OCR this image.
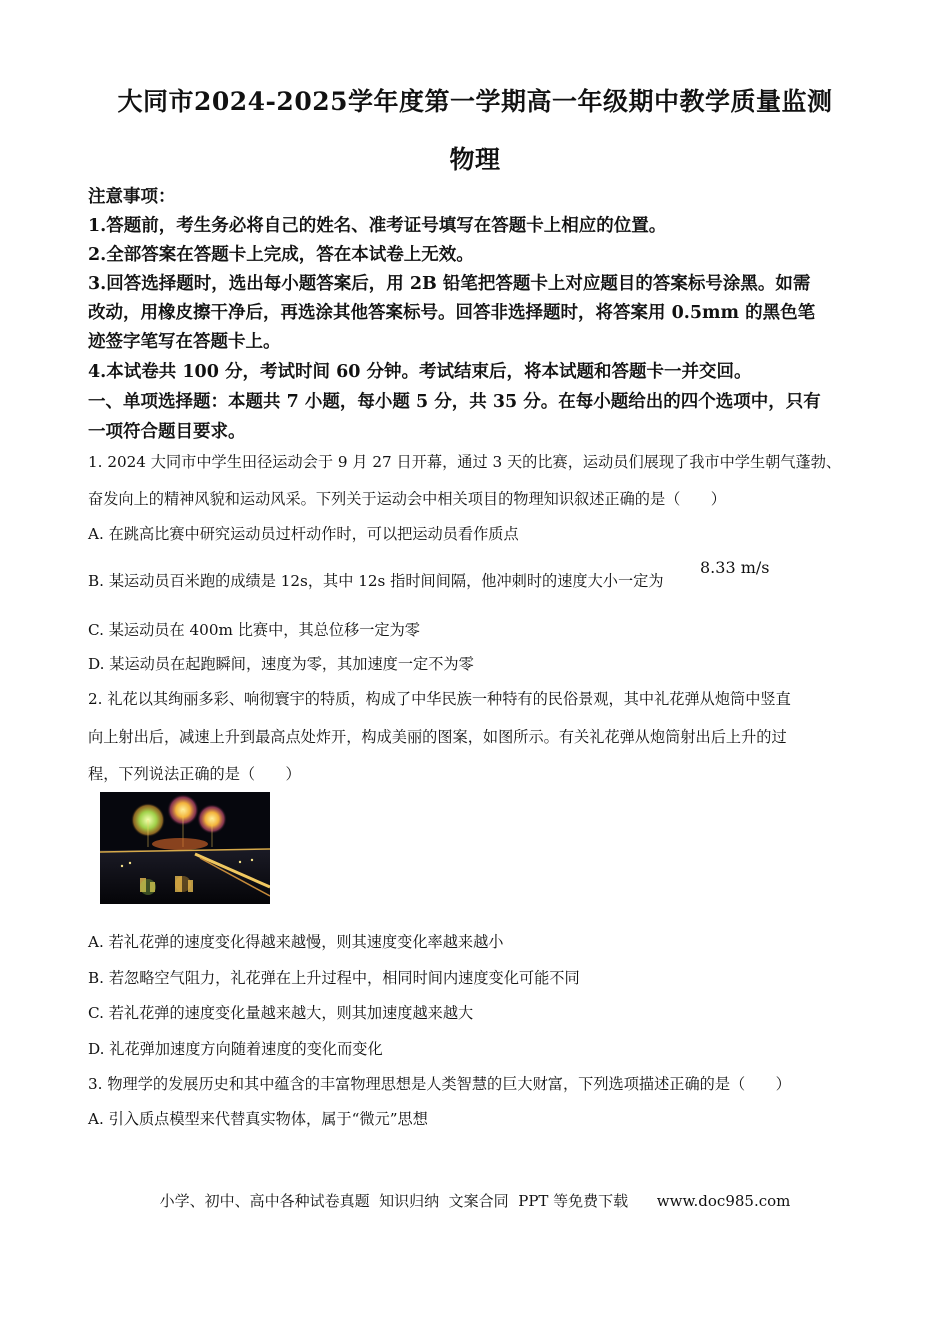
大同市2024-2025学年度第一学期高一年级期中教学质量监测
物理
注意事项：
1.答题前，考生务必将自己的姓名、准考证号填写在答题卡上相应的位置。
2.全部答案在答题卡上完成，答在本试卷上无效。
3.回答选择题时，选出每小题答案后，用 2B 铅笔把答题卡上对应题目的答案标号涂黑。如需
改动，用橡皮擦干净后，再选涂其他答案标号。回答非选择题时，将答案用 0.5mm 的黑色笔
迹签字笔写在答题卡上。
4.本试卷共 100 分，考试时间 60 分钟。考试结束后，将本试题和答题卡一并交回。
一、单项选择题：本题共 7 小题，每小题 5 分，共 35 分。在每小题给出的四个选项中，只有
一项符合题目要求。
1. 2024 大同市中学生田径运动会于 9 月 27 日开幕，通过 3 天的比赛，运动员们展现了我市中学生朝气蓬勃、
奋发向上的精神风貌和运动风采。下列关于运动会中相关项目的物理知识叙述正确的是（　　）
A. 在跳高比赛中研究运动员过杆动作时，可以把运动员看作质点
B. 某运动员百米跑的成绩是 12s，其中 12s 指时间间隔，他冲刺时的速度大小一定为
8.33 m/s
C. 某运动员在 400m 比赛中，其总位移一定为零
D. 某运动员在起跑瞬间，速度为零，其加速度一定不为零
2. 礼花以其绚丽多彩、响彻寰宇的特质，构成了中华民族一种特有的民俗景观，其中礼花弹从炮筒中竖直
向上射出后，减速上升到最高点处炸开，构成美丽的图案，如图所示。有关礼花弹从炮筒射出后上升的过
程，下列说法正确的是（　　）
A. 若礼花弹的速度变化得越来越慢，则其速度变化率越来越小
B. 若忽略空气阻力，礼花弹在上升过程中，相同时间内速度变化可能不同
C. 若礼花弹的速度变化量越来越大，则其加速度越来越大
D. 礼花弹加速度方向随着速度的变化而变化
3. 物理学的发展历史和其中蕴含的丰富物理思想是人类智慧的巨大财富，下列选项描述正确的是（　　）
A. 引入质点模型来代替真实物体，属于“微元”思想
小学、初中、高中各种试卷真题  知识归纳  文案合同  PPT 等免费下载      www.doc985.com
